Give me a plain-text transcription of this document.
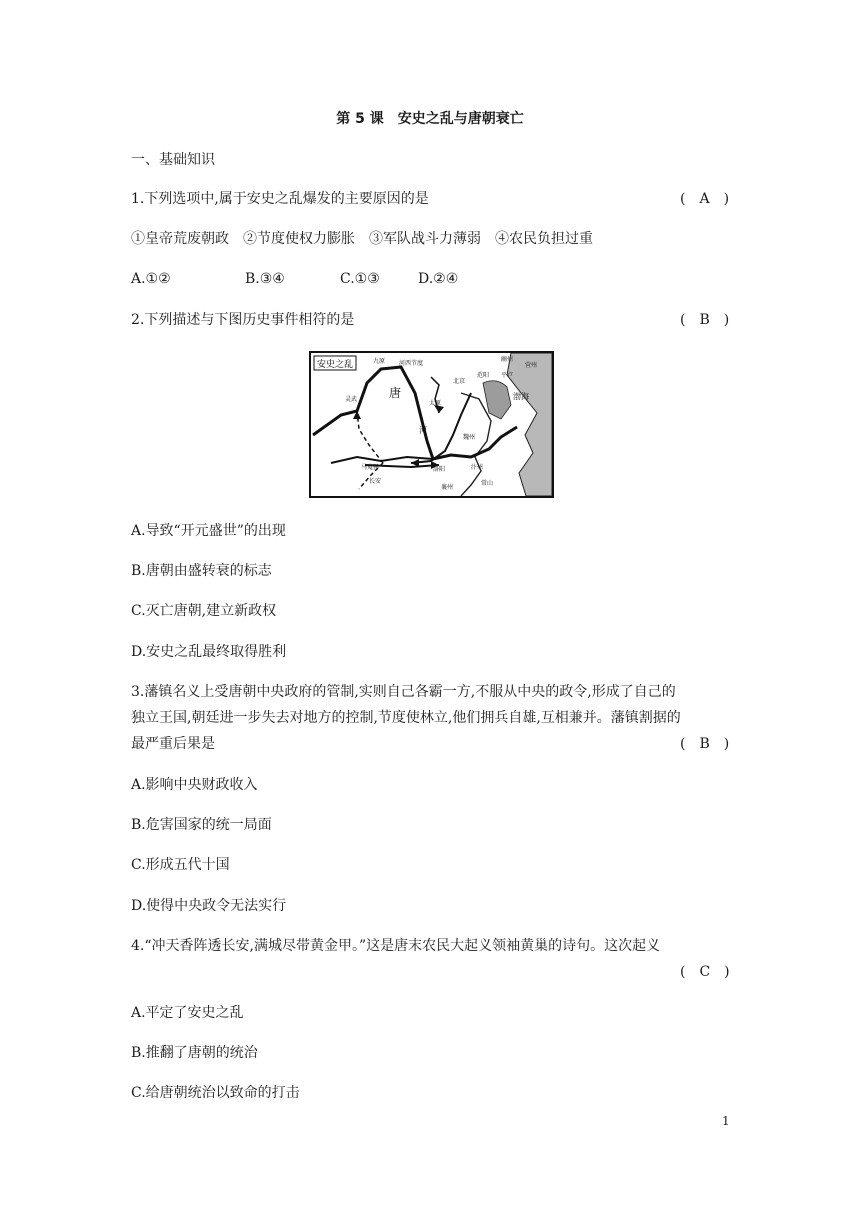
第 5 课　安史之乱与唐朝衰亡
一、基础知识
1.下列选项中,属于安史之乱爆发的主要原因的是	(　A　)
①皇帝荒废朝政　②节度使权力膨胀　③军队战斗力薄弱　④农民负担过重
A.①②	B.③④	C.①③	D.②④
2.下列描述与下图历史事件相符的是	(　B　)
安史之乱	九原 河西节度
灵武	唐
河
太原
北京
幽州
营州
渤海
魏州
洛阳
长安
马嵬驿	汴州
襄州
范阳 平卢
常山
A.导致“开元盛世”的出现
B.唐朝由盛转衰的标志
C.灭亡唐朝,建立新政权
D.安史之乱最终取得胜利
3.藩镇名义上受唐朝中央政府的管制,实则自己各霸一方,不服从中央的政令,形成了自己的
独立王国,朝廷进一步失去对地方的控制,节度使林立,他们拥兵自雄,互相兼并。藩镇割据的
最严重后果是	(　B　)
A.影响中央财政收入
B.危害国家的统一局面
C.形成五代十国
D.使得中央政令无法实行
4.“冲天香阵透长安,满城尽带黄金甲。”这是唐末农民大起义领袖黄巢的诗句。这次起义
(　C　)
A.平定了安史之乱
B.推翻了唐朝的统治
C.给唐朝统治以致命的打击
1
